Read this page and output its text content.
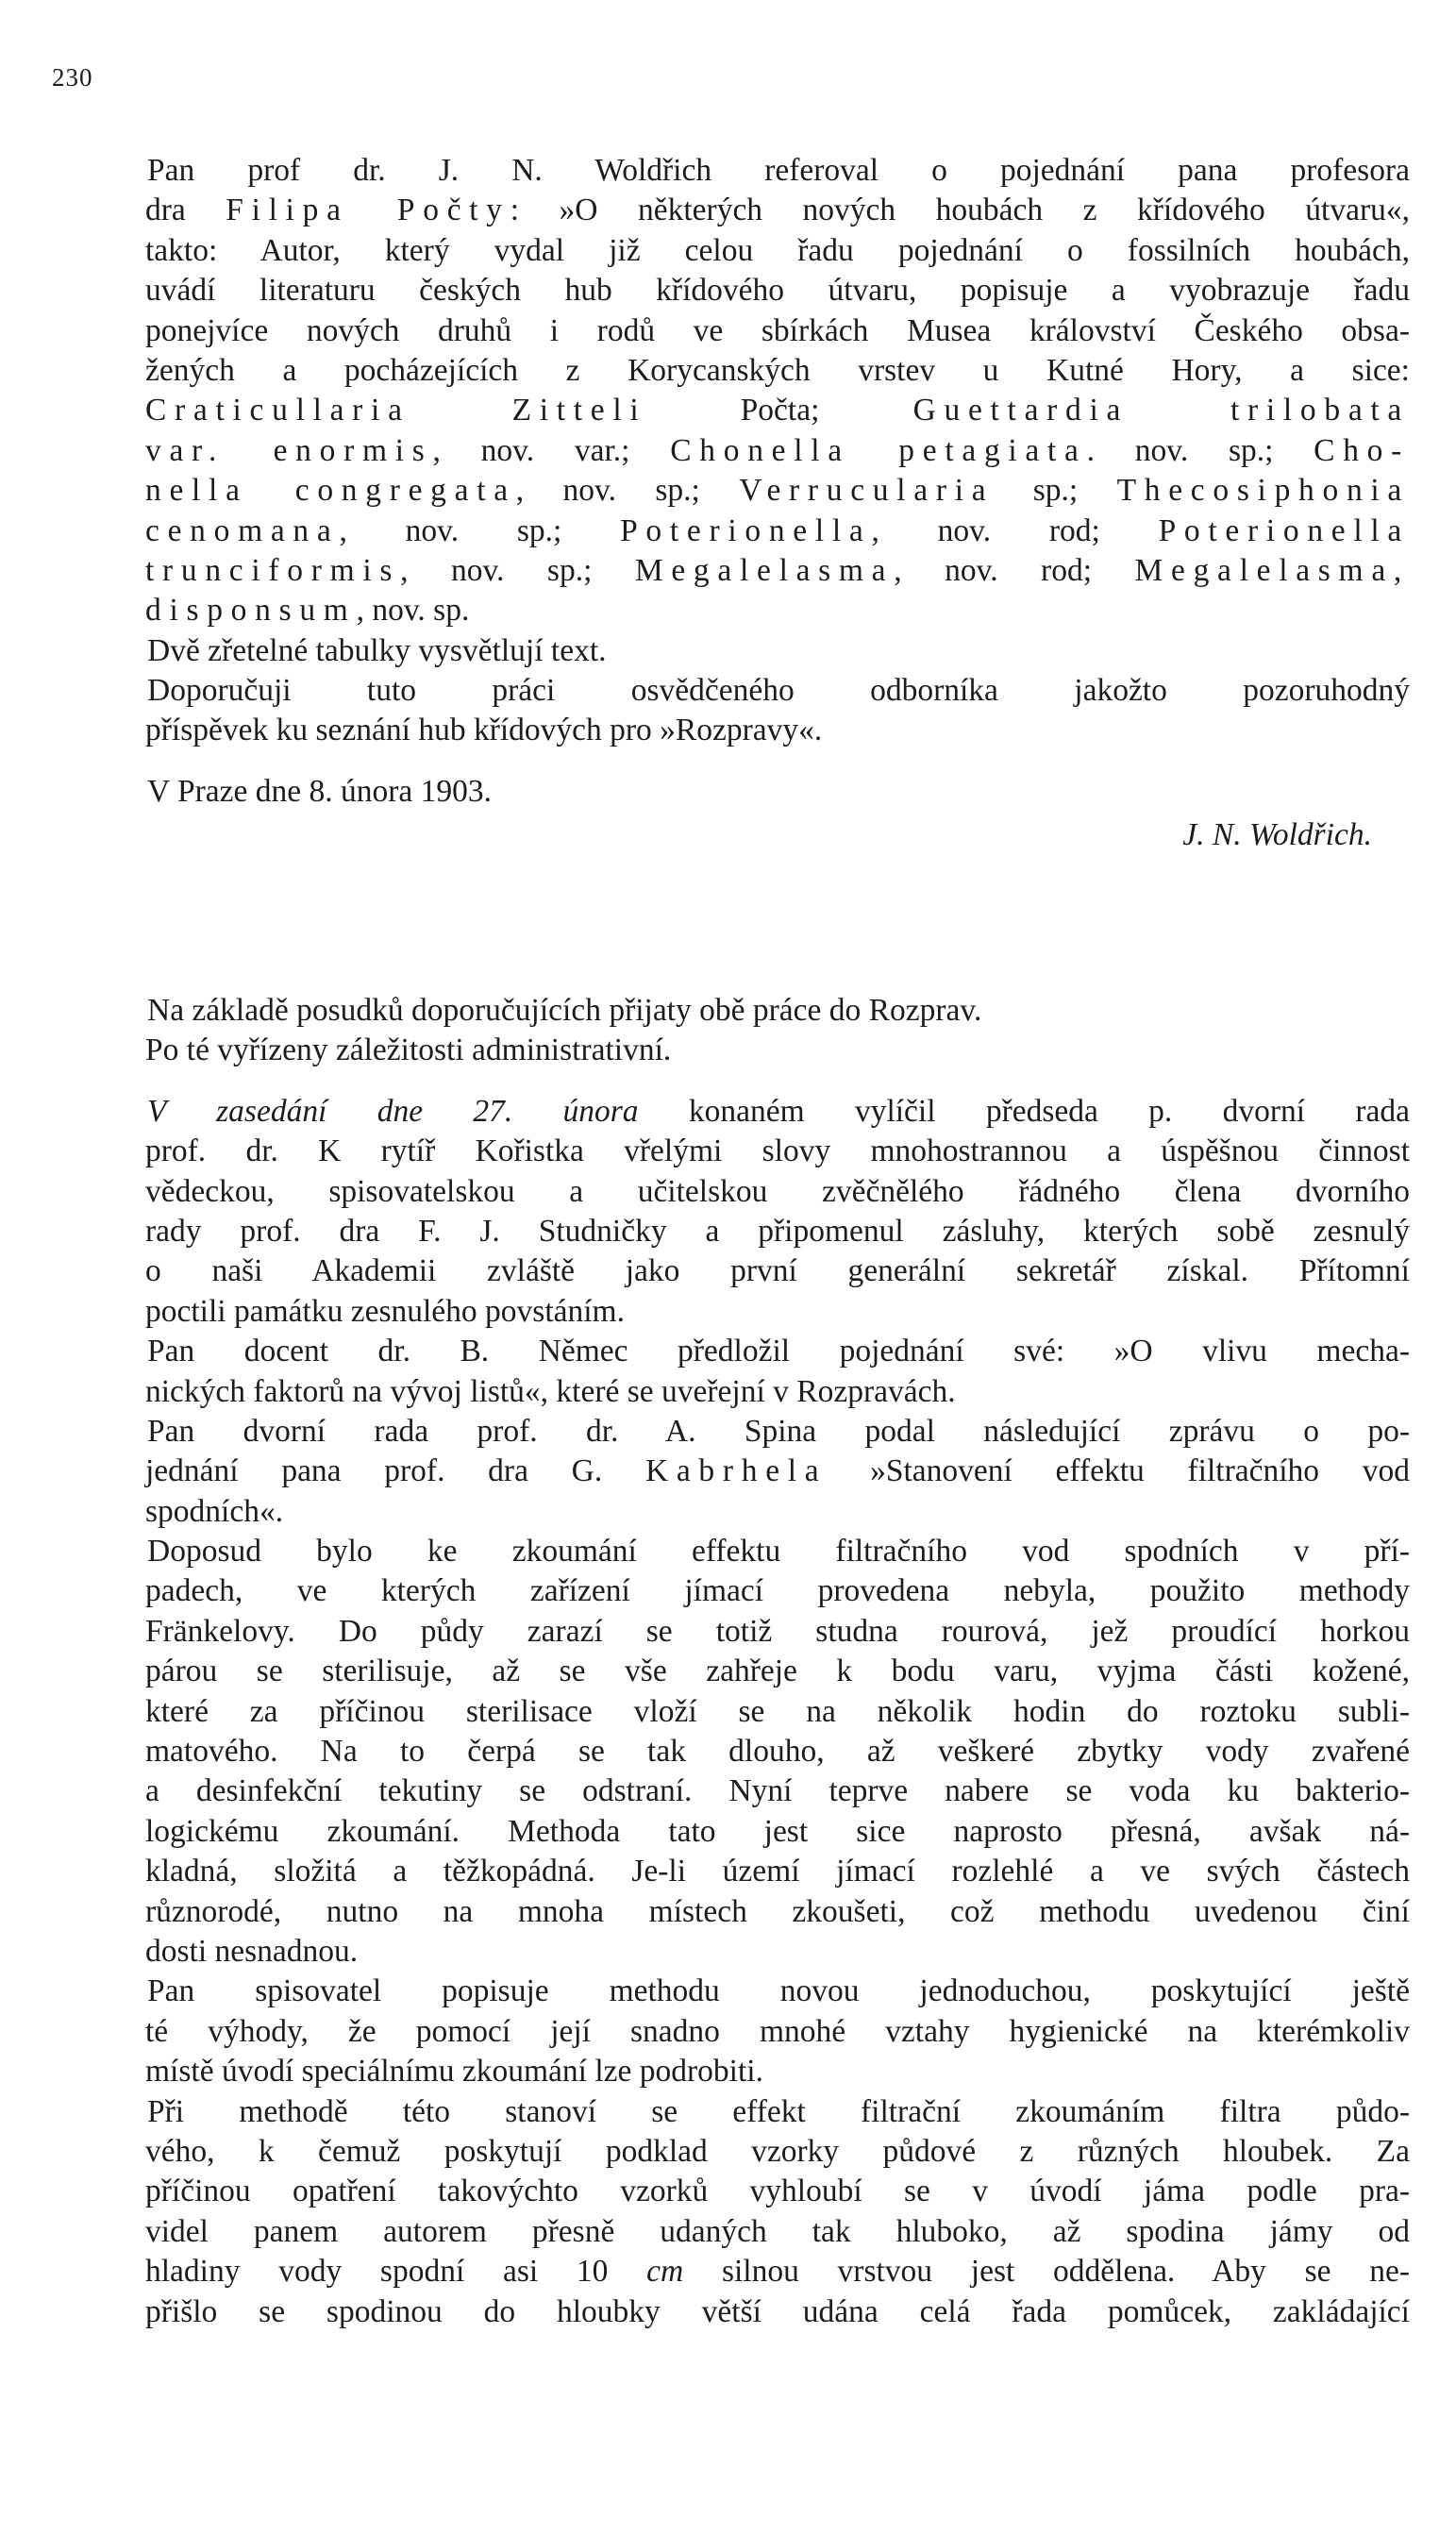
230
Pan prof dr. J. N. Woldřich referoval o pojednání pana profesora
dra Filipa Počty: »O některých nových houbách z křídového útvaru«,
takto: Autor, který vydal již celou řadu pojednání o fossilních houbách,
uvádí literaturu českých hub křídového útvaru, popisuje a vyobrazuje řadu
ponejvíce nových druhů i rodů ve sbírkách Musea království Českého obsa-
žených a pocházejících z Korycanských vrstev u Kutné Hory, a sice:
Craticullaria Zitteli Počta; Guettardia trilobata
var. enormis, nov. var.; Chonella petagiata. nov. sp.; Cho-
nella congregata, nov. sp.; Verrucularia sp.; Thecosiphonia
cenomana, nov. sp.; Poterionella, nov. rod; Poterionella
trunciformis, nov. sp.; Megalelasma, nov. rod; Megalelasma,
disponsum, nov. sp.
Dvě zřetelné tabulky vysvětlují text.
Doporučuji tuto práci osvědčeného odborníka jakožto pozoruhodný
příspěvek ku seznání hub křídových pro »Rozpravy«.
V Praze dne 8. února 1903.
J. N. Woldřich.
Na základě posudků doporučujících přijaty obě práce do Rozprav.
Po té vyřízeny záležitosti administrativní.
V zasedání dne 27. února konaném vylíčil předseda p. dvorní rada
prof. dr. K rytíř Kořistka vřelými slovy mnohostrannou a úspěšnou činnost
vědeckou, spisovatelskou a učitelskou zvěčnělého řádného člena dvorního
rady prof. dra F. J. Studničky a připomenul zásluhy, kterých sobě zesnulý
o naši Akademii zvláště jako první generální sekretář získal. Přítomní
poctili památku zesnulého povstáním.
Pan docent dr. B. Němec předložil pojednání své: »O vlivu mecha-
nických faktorů na vývoj listů«, které se uveřejní v Rozpravách.
Pan dvorní rada prof. dr. A. Spina podal následující zprávu o po-
jednání pana prof. dra G. Kabrhela »Stanovení effektu filtračního vod
spodních«.
Doposud bylo ke zkoumání effektu filtračního vod spodních v pří-
padech, ve kterých zařízení jímací provedena nebyla, použito methody
Fränkelovy. Do půdy zarazí se totiž studna rourová, jež proudící horkou
párou se sterilisuje, až se vše zahřeje k bodu varu, vyjma části kožené,
které za příčinou sterilisace vloží se na několik hodin do roztoku subli-
matového. Na to čerpá se tak dlouho, až veškeré zbytky vody zvařené
a desinfekční tekutiny se odstraní. Nyní teprve nabere se voda ku bakterio-
logickému zkoumání. Methoda tato jest sice naprosto přesná, avšak ná-
kladná, složitá a těžkopádná. Je-li území jímací rozlehlé a ve svých částech
různorodé, nutno na mnoha místech zkoušeti, což methodu uvedenou činí
dosti nesnadnou.
Pan spisovatel popisuje methodu novou jednoduchou, poskytující ještě
té výhody, že pomocí její snadno mnohé vztahy hygienické na kterémkoliv
místě úvodí speciálnímu zkoumání lze podrobiti.
Při methodě této stanoví se effekt filtrační zkoumáním filtra půdo-
vého, k čemuž poskytují podklad vzorky půdové z různých hloubek. Za
příčinou opatření takovýchto vzorků vyhloubí se v úvodí jáma podle pra-
videl panem autorem přesně udaných tak hluboko, až spodina jámy od
hladiny vody spodní asi 10 cm silnou vrstvou jest oddělena. Aby se ne-
přišlo se spodinou do hloubky větší udána celá řada pomůcek, zakládající
